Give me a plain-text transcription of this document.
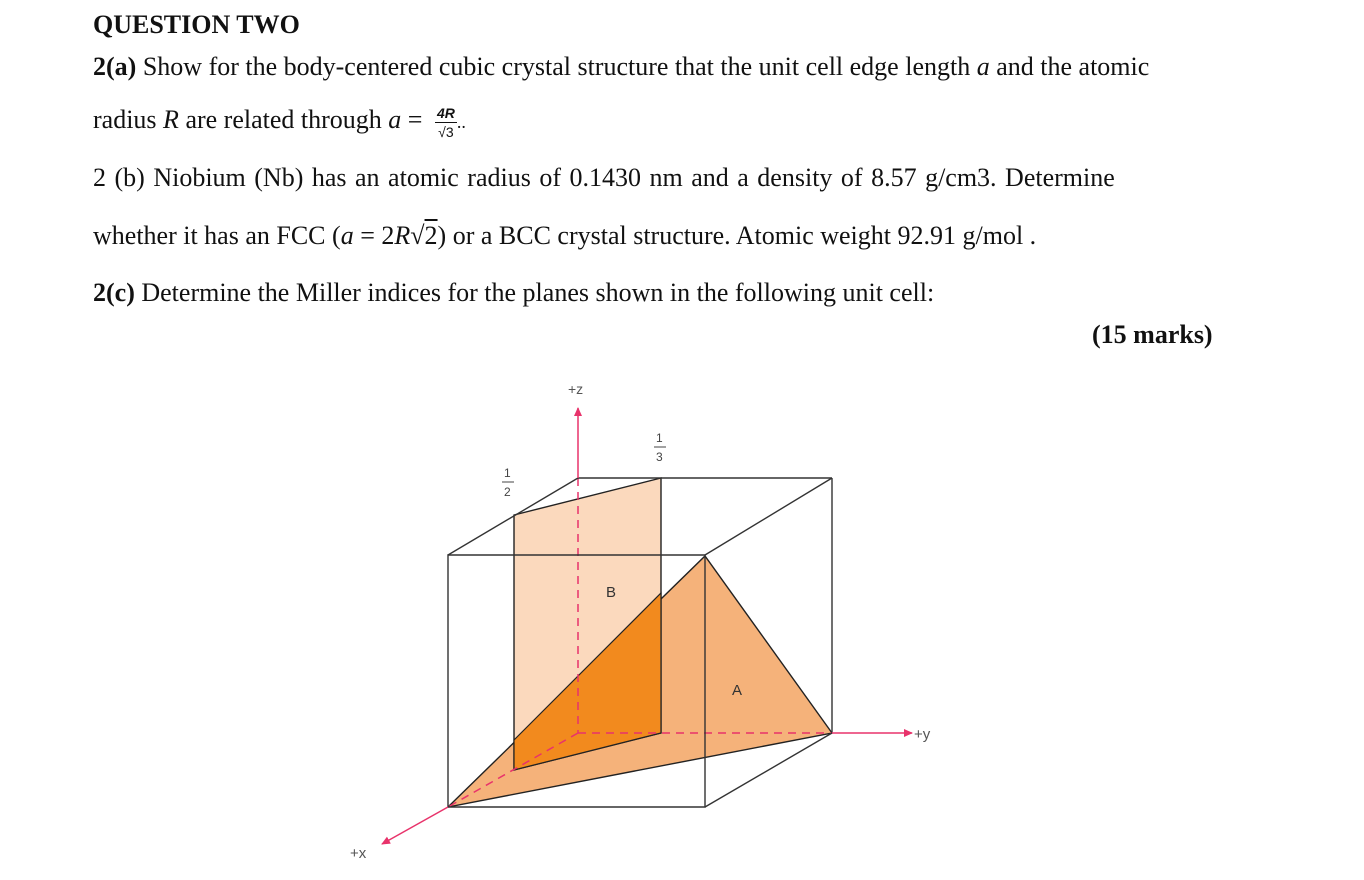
QUESTION TWO
2(a) Show for the body-centered cubic crystal structure that the unit cell edge length a and the atomic
radius R are related through $a = \frac{4R}{√3}$ ..
2 (b) Niobium (Nb) has an atomic radius of 0.1430 nm and a density of 8.57 g/cm3. Determine
whether it has an FCC (a = 2R√2) or a BCC crystal structure. Atomic weight 92.91 g/mol .
2(c) Determine the Miller indices for the planes shown in the following unit cell:
(15 marks)
+z
+y
+x
1
2
1
3
B
A
